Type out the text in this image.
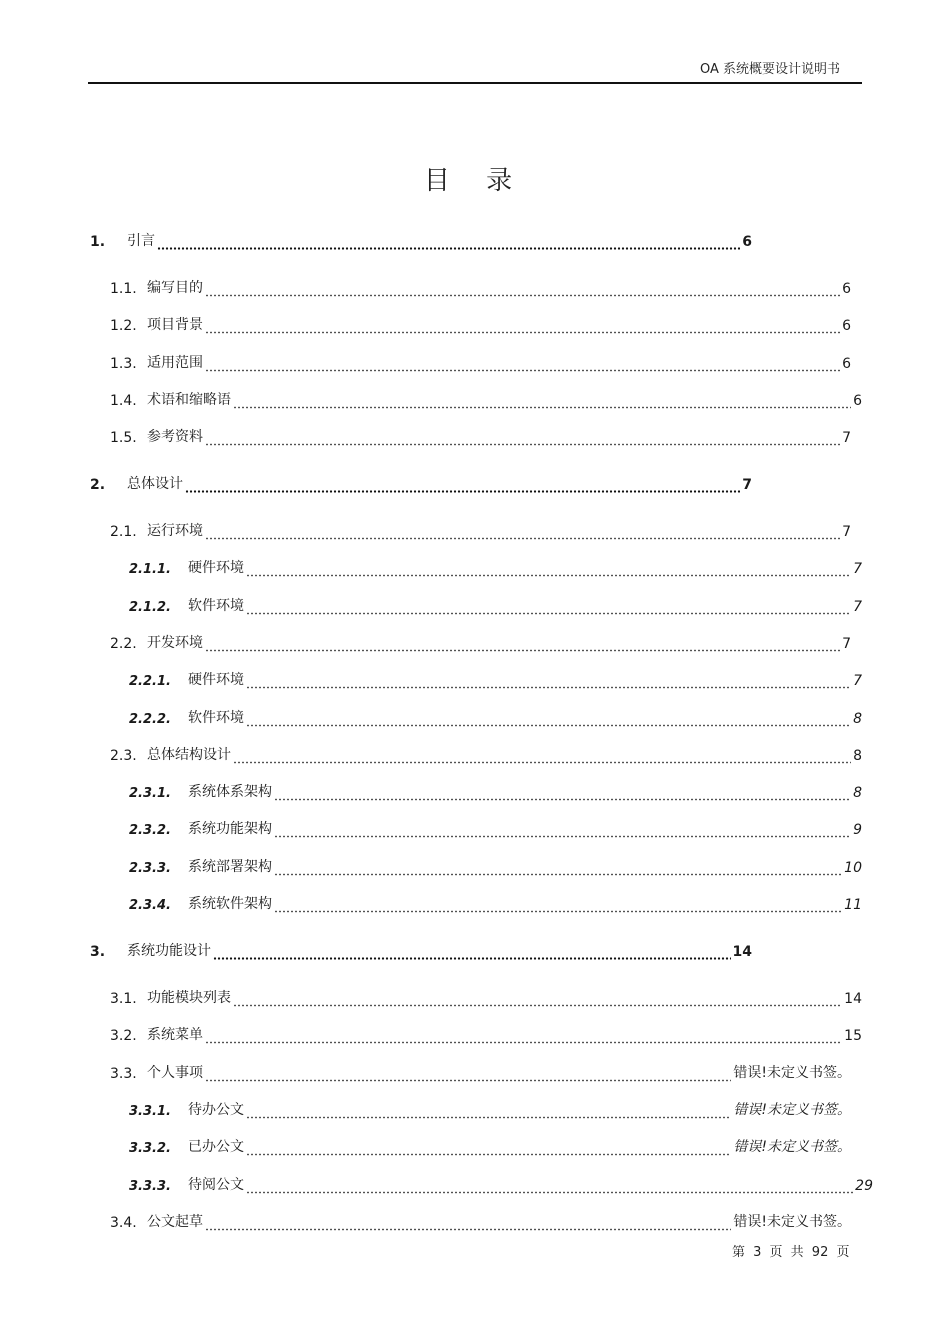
OA 系统概要设计说明书
目 录
1.	引言	6
1.1. 编写目的	6
1.2. 项目背景	6
1.3. 适用范围	6
1.4. 术语和缩略语	6
1.5. 参考资料	7
2.	总体设计	7
2.1. 运行环境	7
2.1.1.	硬件环境	7
2.1.2.	软件环境	7
2.2. 开发环境	7
2.2.1.	硬件环境	7
2.2.2.	软件环境	8
2.3. 总体结构设计	8
2.3.1.	系统体系架构	8
2.3.2.	系统功能架构	9
2.3.3.	系统部署架构	10
2.3.4.	系统软件架构	11
3.	系统功能设计	14
3.1. 功能模块列表	14
3.2. 系统菜单	15
3.3. 个人事项	错误!未定义书签。
3.3.1.	待办公文	错误!未定义书签。
3.3.2.	已办公文	错误!未定义书签。
3.3.3.	待阅公文	29
3.4. 公文起草	错误!未定义书签。
第 3 页 共 92 页
